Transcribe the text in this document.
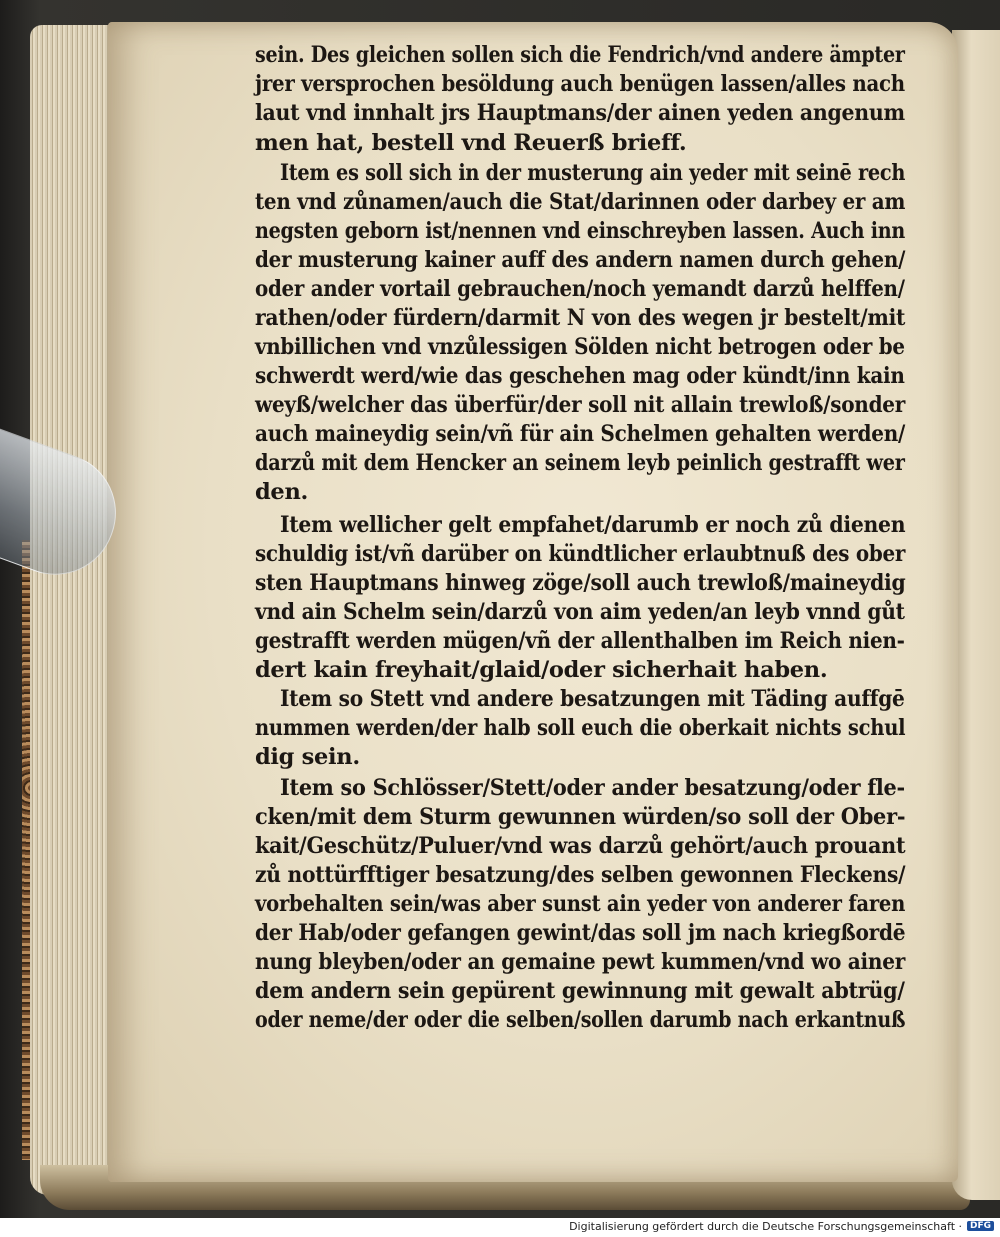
sein. Des gleichen sollen sich die Fendrich/vnd andere ämpter
jrer versprochen besöldung auch benügen lassen/alles nach
laut vnd innhalt jrs Hauptmans/der ainen yeden angenum
men hat, bestell vnd Reuerß brieff.
Item es soll sich in der musterung ain yeder mit seinē rech
ten vnd zůnamen/auch die Stat/darinnen oder darbey er am
negsten geborn ist/nennen vnd einschreyben lassen. Auch inn
der musterung kainer auff des andern namen durch gehen/
oder ander vortail gebrauchen/noch yemandt darzů helffen/
rathen/oder fürdern/darmit N von des wegen jr bestelt/mit
vnbillichen vnd vnzůlessigen Sölden nicht betrogen oder be
schwerdt werd/wie das geschehen mag oder kündt/inn kain
weyß/welcher das überfür/der soll nit allain trewloß/sonder
auch maineydig sein/vñ für ain Schelmen gehalten werden/
darzů mit dem Hencker an seinem leyb peinlich gestrafft wer
den.
Item wellicher gelt empfahet/darumb er noch zů dienen
schuldig ist/vñ darüber on kündtlicher erlaubtnuß des ober
sten Hauptmans hinweg zöge/soll auch trewloß/maineydig
vnd ain Schelm sein/darzů von aim yeden/an leyb vnnd gůt
gestrafft werden mügen/vñ der allenthalben im Reich nien-
dert kain freyhait/glaid/oder sicherhait haben.
Item so Stett vnd andere besatzungen mit Täding auffgē
nummen werden/der halb soll euch die oberkait nichts schul
dig sein.
Item so Schlösser/Stett/oder ander besatzung/oder fle-
cken/mit dem Sturm gewunnen würden/so soll der Ober-
kait/Geschütz/Puluer/vnd was darzů gehört/auch prouant
zů nottürfftiger besatzung/des selben gewonnen Fleckens/
vorbehalten sein/was aber sunst ain yeder von anderer faren
der Hab/oder gefangen gewint/das soll jm nach kriegßordē
nung bleyben/oder an gemaine pewt kummen/vnd wo ainer
dem andern sein gepürent gewinnung mit gewalt abtrüg/
oder neme/der oder die selben/sollen darumb nach erkantnuß
Digitalisierung gefördert durch die Deutsche Forschungsgemeinschaft · DFG
